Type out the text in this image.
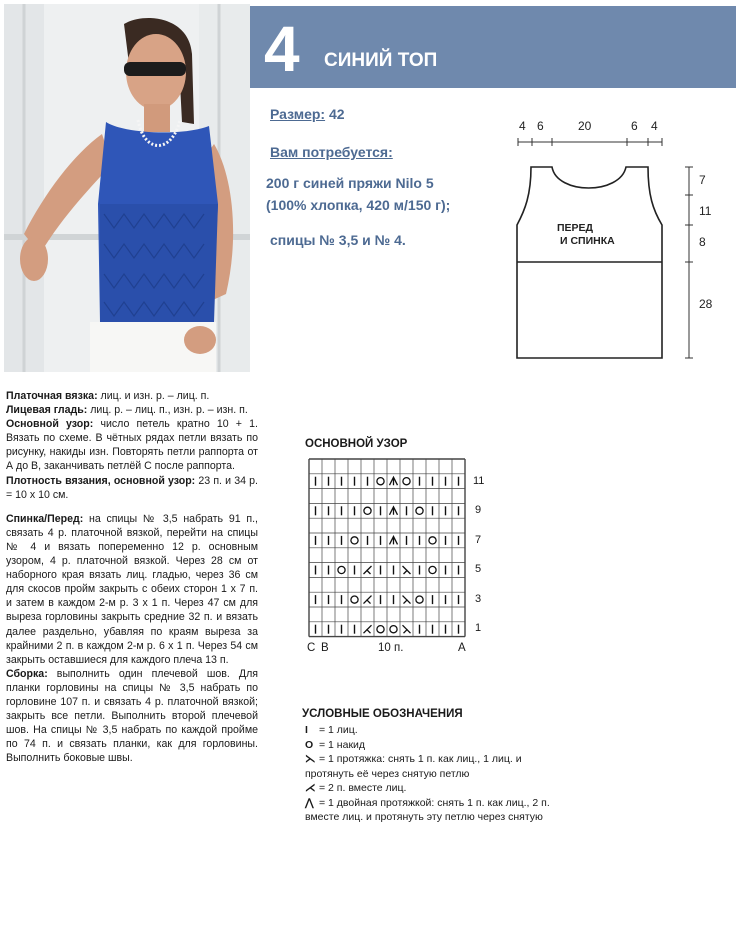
4 СИНИЙ ТОП
Размер: 42
Вам потребуется:
200 г синей пряжи Nilo 5
(100% хлопка, 420 м/150 г);
спицы № 3,5 и № 4.
4 6	20	6 4
7
11
8
28
ПЕРЕД
И СПИНКА

Платочная вязка: лиц. и изн. р. – лиц. п.

Лицевая гладь: лиц. р. – лиц. п., изн. р. – изн. п.

Основной узор: число петель кратно 10 + 1. Вязать по схеме. В чётных рядах петли вязать по рисунку, накиды изн. Повторять петли раппорта от А до В, заканчивать петлёй С после раппорта.

Плотность вязания, основной узор: 23 п. и 34 р. = 10 х 10 см.

Спинка/Перед: на спицы № 3,5 набрать 91 п., связать 4 р. платочной вязкой, перейти на спицы № 4 и вязать попеременно 12 р. основным узором, 4 р. платочной вязкой. Через 28 см от наборного края вязать лиц. гладью, через 36 см для скосов пройм закрыть с обеих сторон 1 х 7 п. и затем в каждом 2-м р. 3 х 1 п. Через 47 см для выреза горловины закрыть средние 32 п. и вязать далее раздельно, убавляя по краям выреза за крайними 2 п. в каждом 2-м р. 6 х 1 п. Через 54 см закрыть оставшиеся для каждого плеча 13 п.

Сборка: выполнить один плечевой шов. Для планки горловины на спицы № 3,5 набрать по горловине 107 п. и связать 4 р. платочной вязкой; закрыть все петли. Выполнить второй плечевой шов. На спицы № 3,5 набрать по каждой пройме по 74 п. и связать планки, как для горловины. Выполнить боковые швы.

ОСНОВНОЙ УЗОР
11
9
7
5
3
1
С В	10 п.	А
УСЛОВНЫЕ ОБОЗНАЧЕНИЯ

I = 1 лиц.

O = 1 накид

⋋ = 1 протяжка: снять 1 п. как лиц., 1 лиц. и протянуть её через снятую петлю

⋌ = 2 п. вместе лиц.

⋀ = 1 двойная протяжкой: снять 1 п. как лиц., 2 п. вместе лиц. и протянуть эту петлю через снятую
